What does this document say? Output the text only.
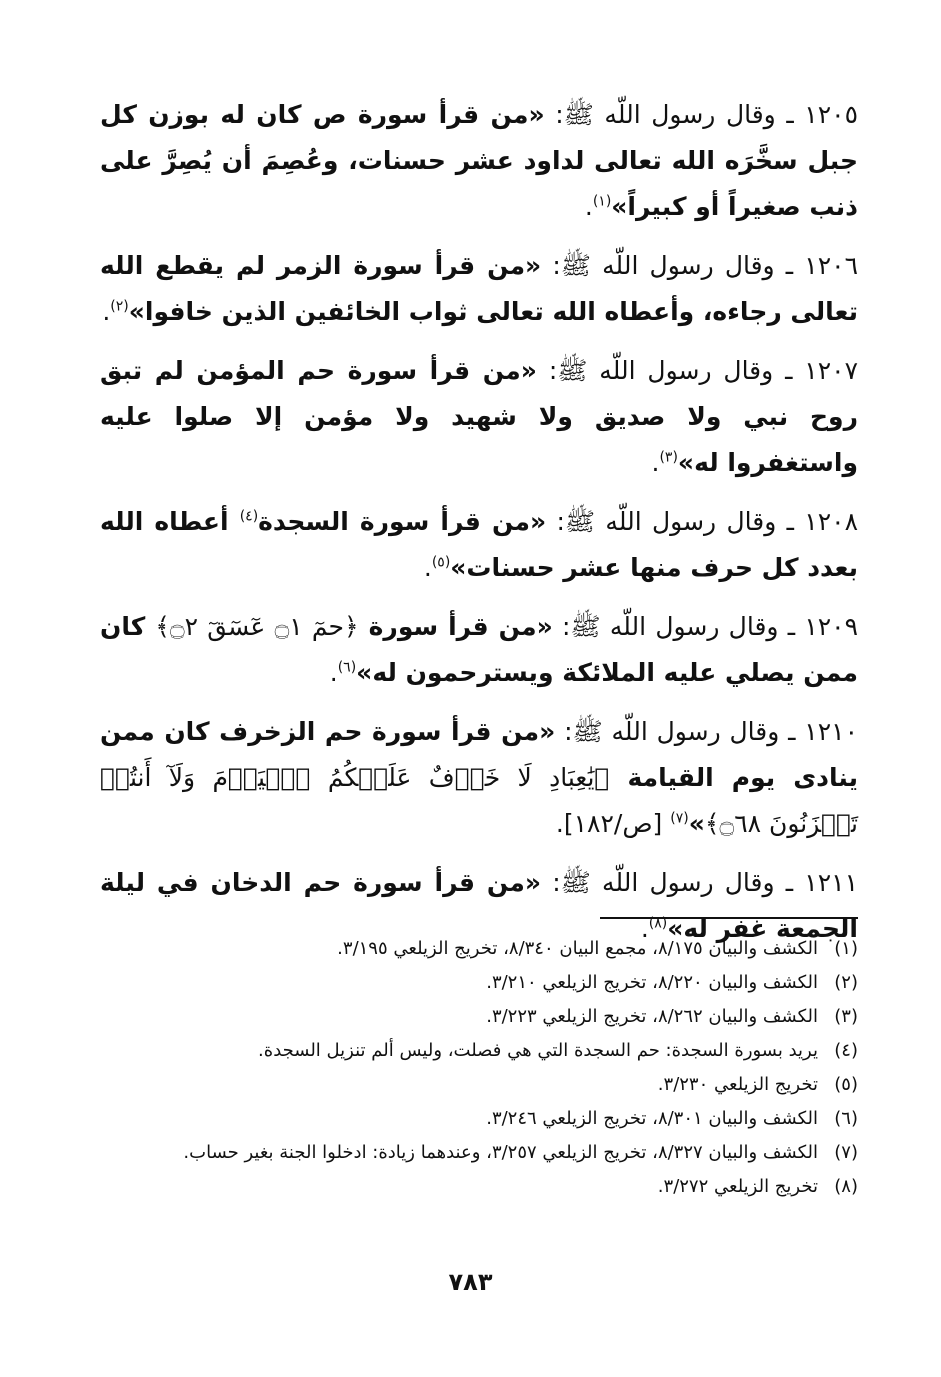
١٢٠٥ ـ وقال رسول اللّه ﷺ: «من قرأ سورة ص كان له بوزن كل جبل سخَّرَه الله تعالى لداود عشر حسنات، وعُصِمَ أن يُصِرَّ على ذنب صغيراً أو كبيراً»$^{(١)}$.

١٢٠٦ ـ وقال رسول اللّه ﷺ: «من قرأ سورة الزمر لم يقطع الله تعالى رجاءه، وأعطاه الله تعالى ثواب الخائفين الذين خافوا»$^{(٢)}$.

١٢٠٧ ـ وقال رسول اللّه ﷺ: «من قرأ سورة حم المؤمن لم تبق روح نبي ولا صديق ولا شهيد ولا مؤمن إلا صلوا عليه واستغفروا له»$^{(٣)}$.

١٢٠٨ ـ وقال رسول اللّه ﷺ: «من قرأ سورة السجدة$^{(٤)}$ أعطاه الله بعدد كل حرف منها عشر حسنات»$^{(٥)}$.

١٢٠٩ ـ وقال رسول اللّه ﷺ: «من قرأ سورة ﴿حمٓ ۝١ عٓسٓقٓ ۝٢﴾ كان ممن يصلي عليه الملائكة ويسترحمون له»$^{(٦)}$.

١٢١٠ ـ وقال رسول اللّه ﷺ: «من قرأ سورة حم الزخرف كان ممن ينادى يوم القيامة ﴿يَٰعِبَادِ لَا خَوۡفٌ عَلَيۡكُمُ ٱلۡيَوۡمَ وَلَآ أَنتُمۡ تَحۡزَنُونَ ۝٦٨﴾»$^{(٧)}$ [ص/١٨٢].

١٢١١ ـ وقال رسول اللّه ﷺ: «من قرأ سورة حم الدخان في ليلة الجمعة غفر له»$^{(٨)}$.

(١)
الكشف والبيان ٨/١٧٥، مجمع البيان ٨/٣٤٠، تخريج الزيلعي ٣/١٩٥.
(٢)
الكشف والبيان ٨/٢٢٠، تخريج الزيلعي ٣/٢١٠.
(٣)
الكشف والبيان ٨/٢٦٢، تخريج الزيلعي ٣/٢٢٣.
(٤)
يريد بسورة السجدة: حم السجدة التي هي فصلت، وليس ألم تنزيل السجدة.
(٥)
تخريج الزيلعي ٣/٢٣٠.
(٦)
الكشف والبيان ٨/٣٠١، تخريج الزيلعي ٣/٢٤٦.
(٧)
الكشف والبيان ٨/٣٢٧، تخريج الزيلعي ٣/٢٥٧، وعندهما زيادة: ادخلوا الجنة بغير حساب.
(٨)
تخريج الزيلعي ٣/٢٧٢.
٧٨٣
